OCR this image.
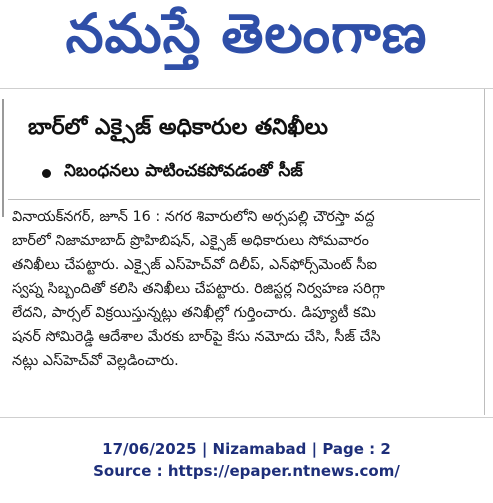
నమస్తే తెలంగాణ
బార్‌లో ఎక్సైజ్ అధికారుల తనిఖీలు
నిబంధనలు పాటించకపోవడంతో సీజ్
వినాయక్‌నగర్, జూన్ 16 : నగర శివారులోని అర్సపల్లి చౌరస్తా వద్ద
బార్‌లో నిజామాబాద్ ప్రొహిబిషన్, ఎక్సైజ్ అధికారులు సోమవారం
తనిఖీలు చేపట్టారు. ఎక్సైజ్ ఎస్‌హెచ్‌వో దిలీప్, ఎన్‌ఫోర్స్‌మెంట్ సీఐ
స్వప్న సిబ్బందితో కలిసి తనిఖీలు చేపట్టారు. రిజిస్టర్ల నిర్వహణ సరిగ్గా
లేదని, పార్సల్ విక్రయిస్తున్నట్లు తనిఖీల్లో గుర్తించారు. డిప్యూటీ కమి
షనర్ సోమిరెడ్డి ఆదేశాల మేరకు బార్‌పై కేసు నమోదు చేసి, సీజ్ చేసి
నట్లు ఎస్‌హెచ్‌వో వెల్లడించారు.
17/06/2025 | Nizamabad | Page : 2
Source : https://epaper.ntnews.com/
